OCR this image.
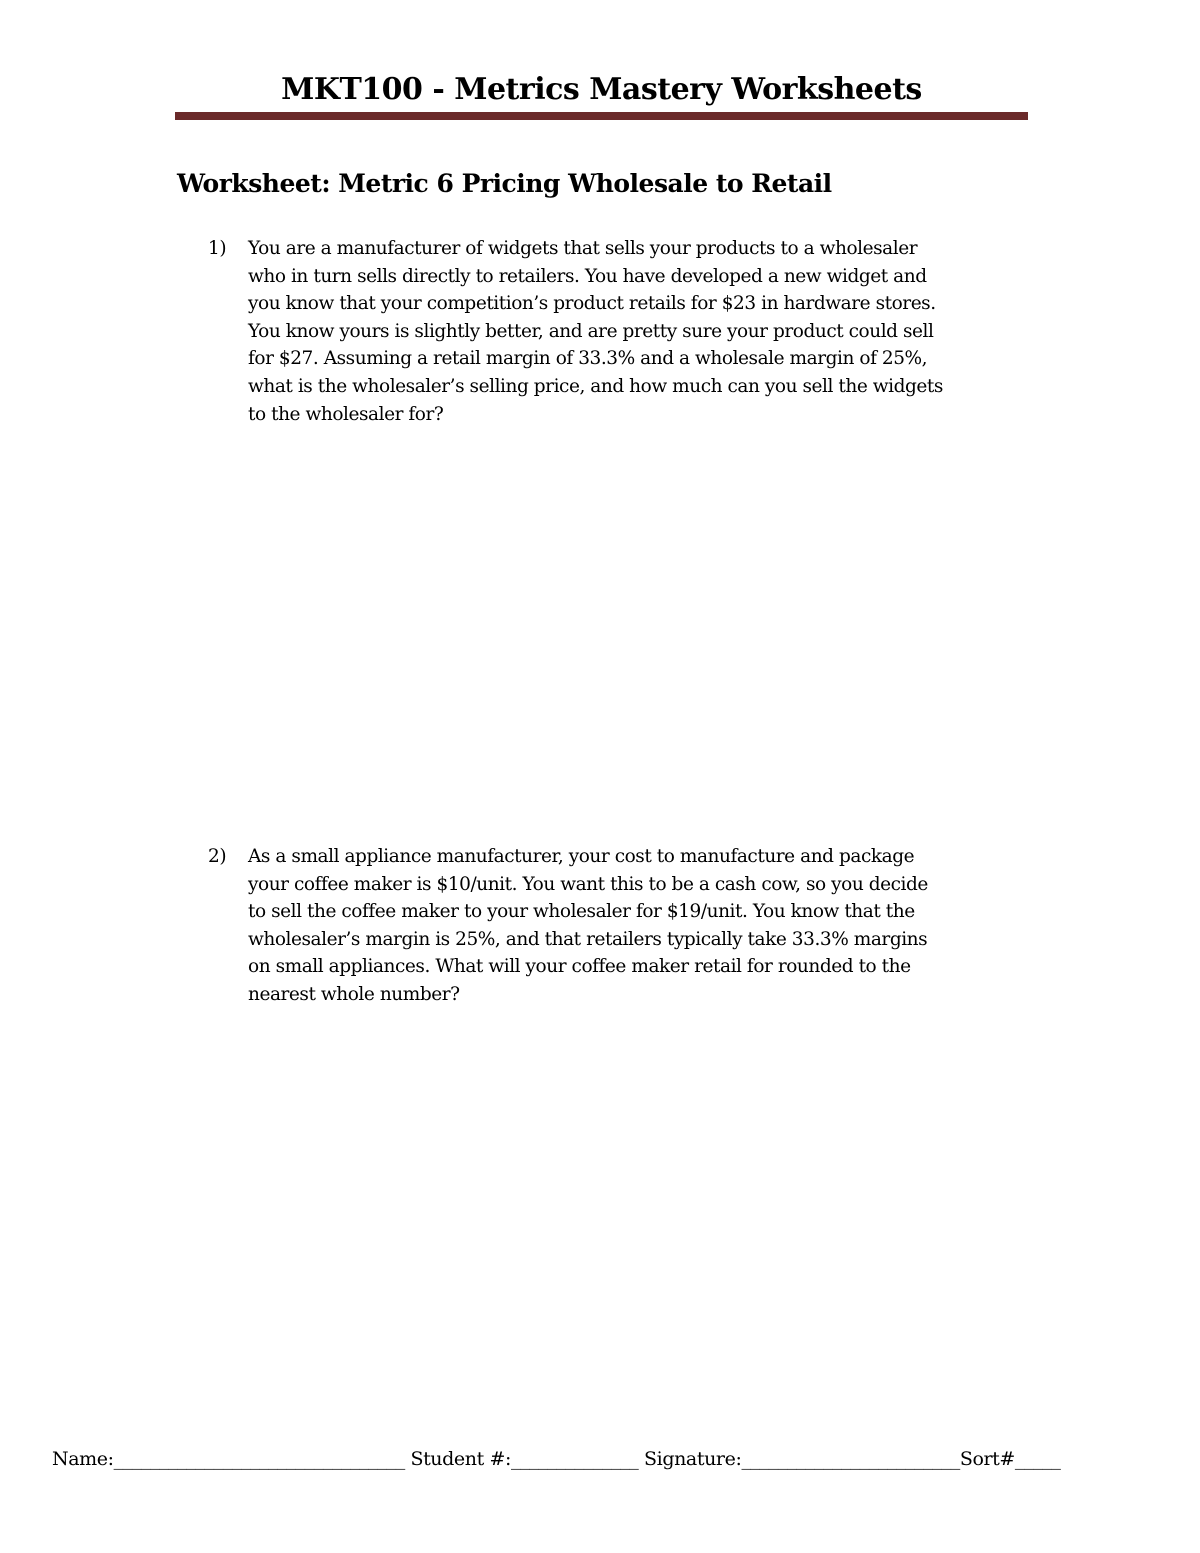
MKT100 - Metrics Mastery Worksheets
Worksheet: Metric 6 Pricing Wholesale to Retail
1)	You are a manufacturer of widgets that sells your products to a wholesaler
who in turn sells directly to retailers. You have developed a new widget and
you know that your competition’s product retails for $23 in hardware stores.
You know yours is slightly better, and are pretty sure your product could sell
for $27. Assuming a retail margin of 33.3% and a wholesale margin of 25%,
what is the wholesaler’s selling price, and how much can you sell the widgets
to the wholesaler for?
2)	As a small appliance manufacturer, your cost to manufacture and package
your coffee maker is $10/unit. You want this to be a cash cow, so you decide
to sell the coffee maker to your wholesaler for $19/unit. You know that the
wholesaler’s margin is 25%, and that retailers typically take 33.3% margins
on small appliances. What will your coffee maker retail for rounded to the
nearest whole number?
Name:________________________________ Student #:______________ Signature:________________________Sort#_____
